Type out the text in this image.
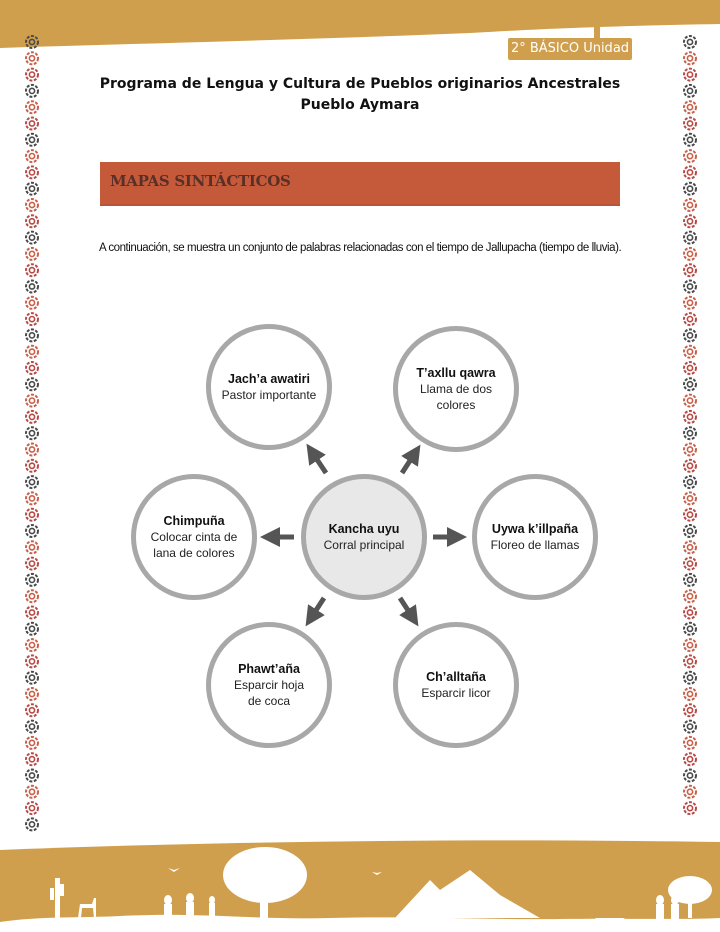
2° BÁSICO Unidad 1
Programa de Lengua y Cultura de Pueblos originarios Ancestrales
Pueblo Aymara
MAPAS SINTÁCTICOS
A continuación, se muestra un conjunto de palabras relacionadas con el tiempo de Jallupacha (tiempo de lluvia).
Kancha uyu
Corral principal
Jach’a awatiri
Pastor importante
T’axllu qawra
Llama de dos colores
Chimpuña
Colocar cinta de lana de colores
Uywa k’illpaña
Floreo de llamas
Phawt’aña
Esparcir hoja de coca
Ch’alltaña
Esparcir licor
